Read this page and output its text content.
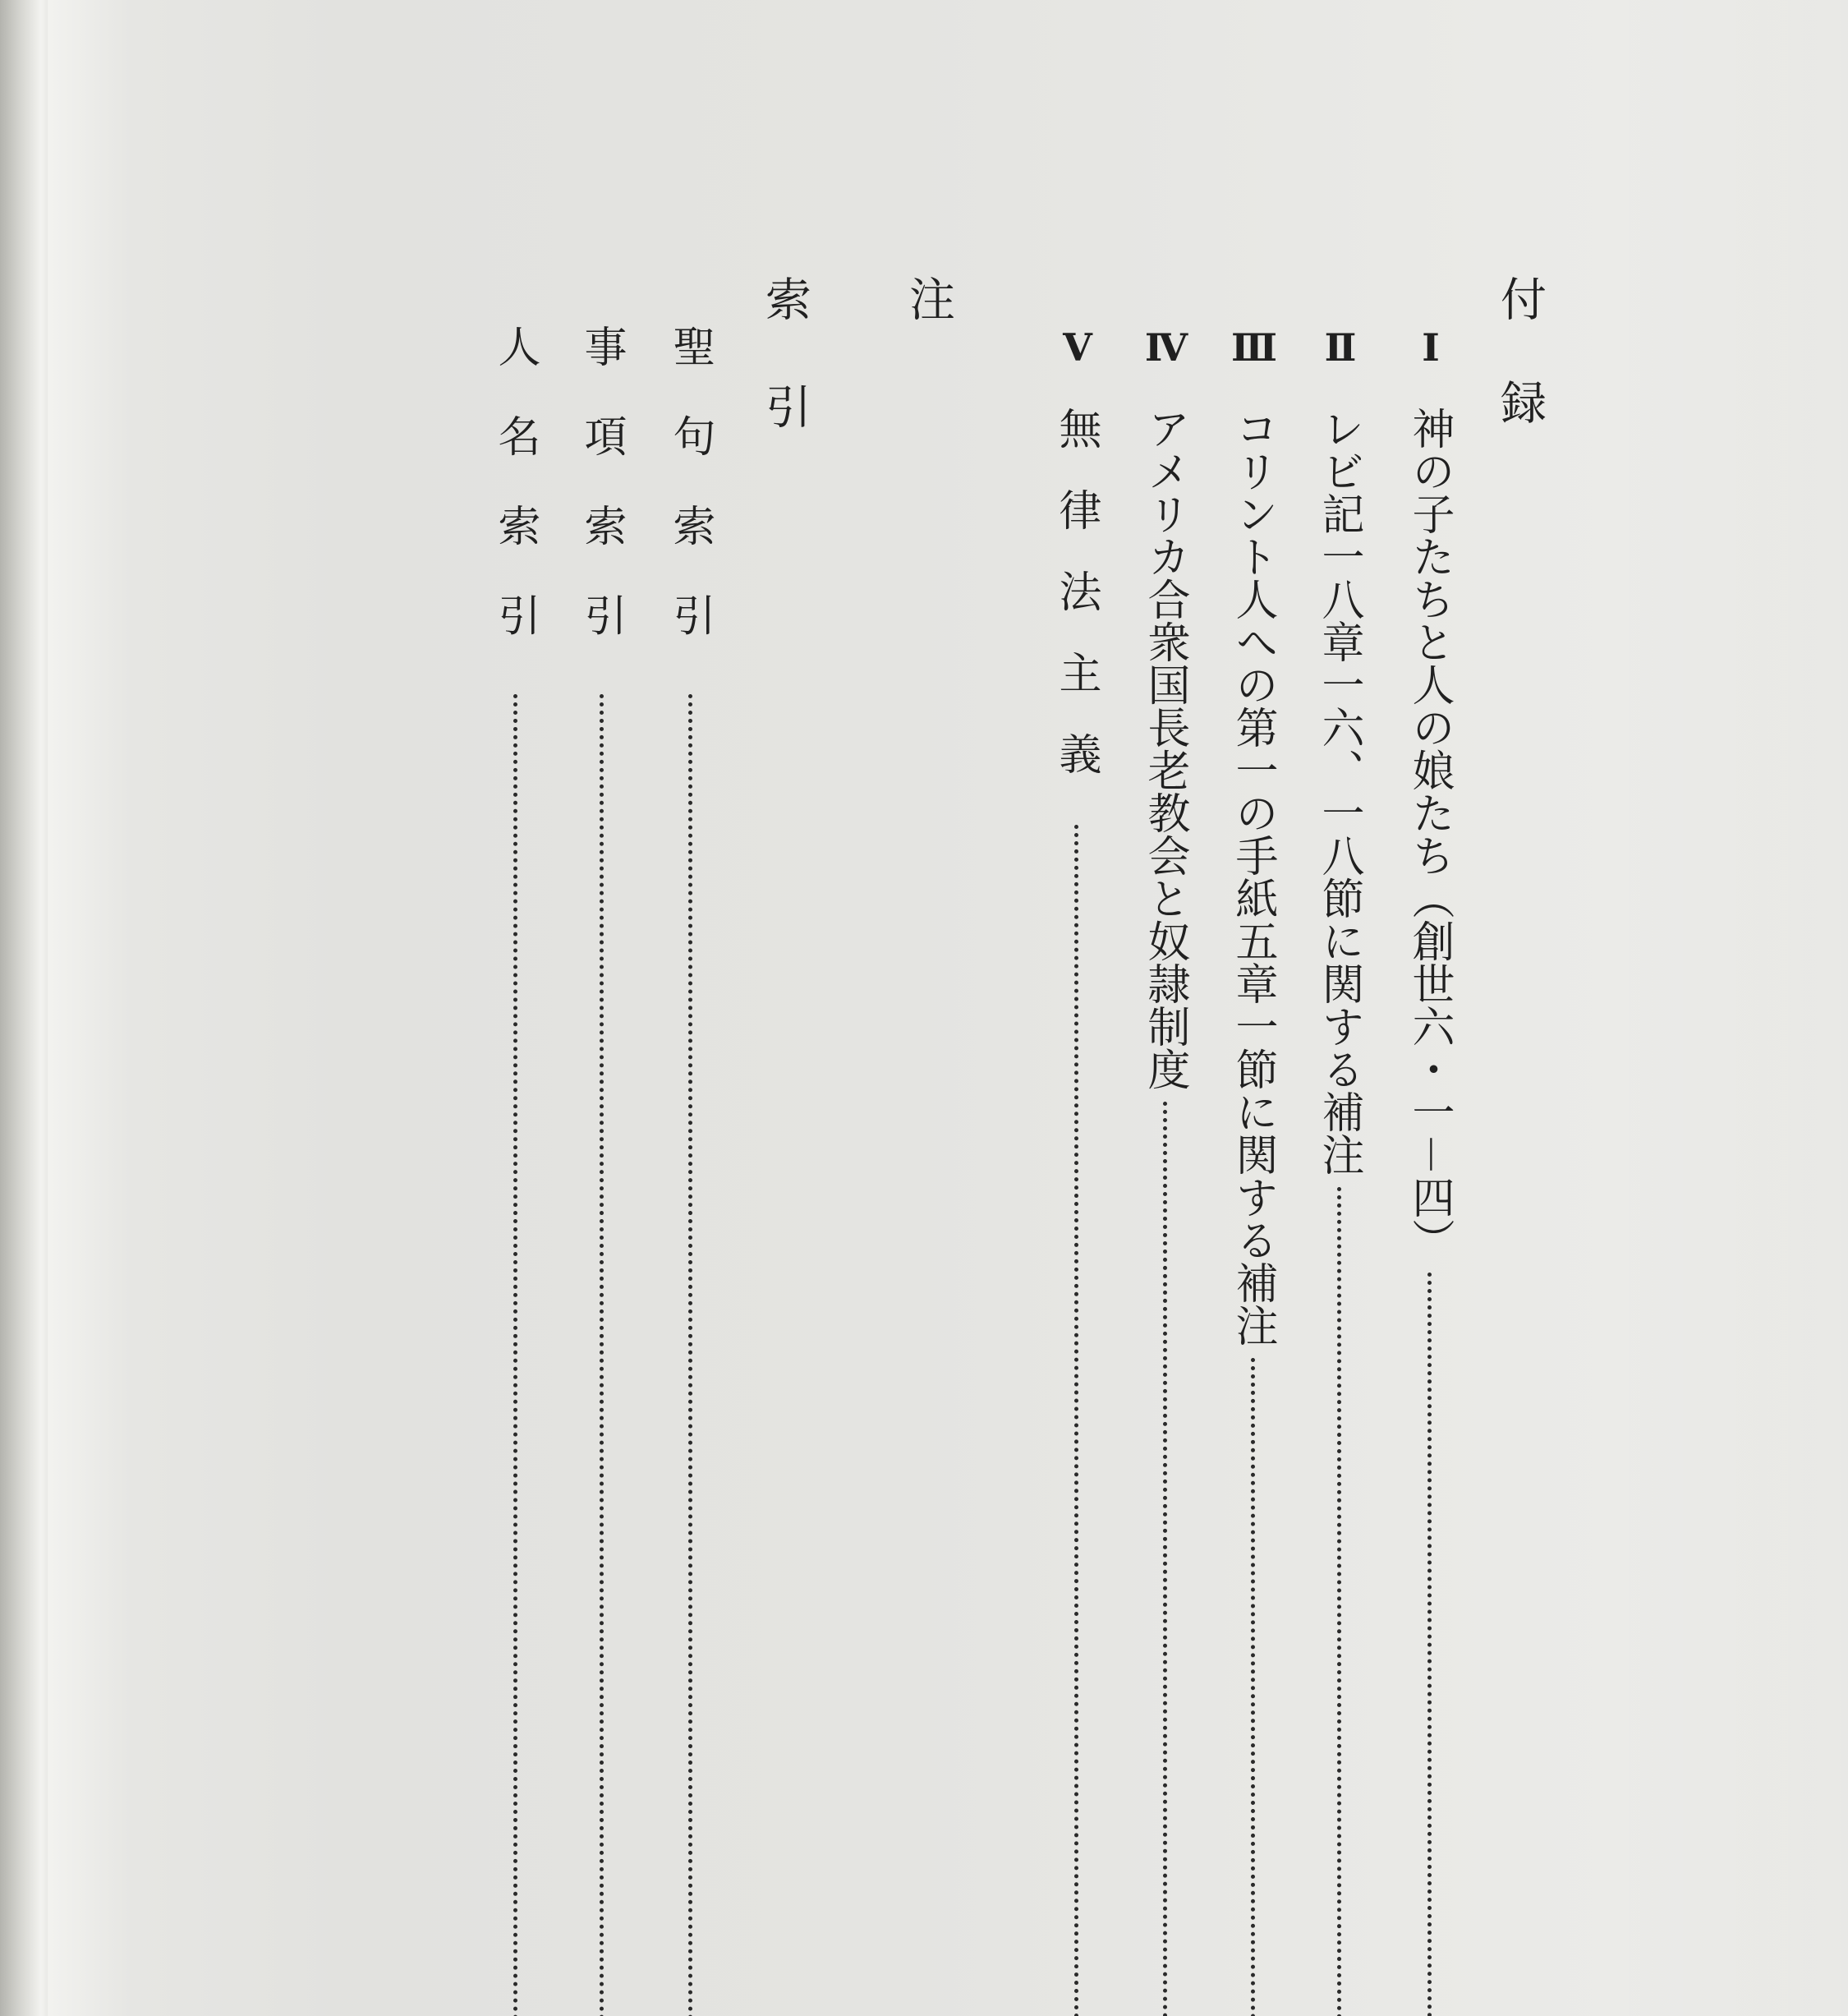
付録
Ⅰ
神の子たちと人の娘たち（創世六・一－四）
Ⅱ
レビ記一八章一六、一八節に関する補注
Ⅲ
コリント人への第一の手紙五章一節に関する補注
Ⅳ
アメリカ合衆国長老教会と奴隷制度
Ⅴ
無律法主義
注
索引
聖句索引
事項索引
人名索引
